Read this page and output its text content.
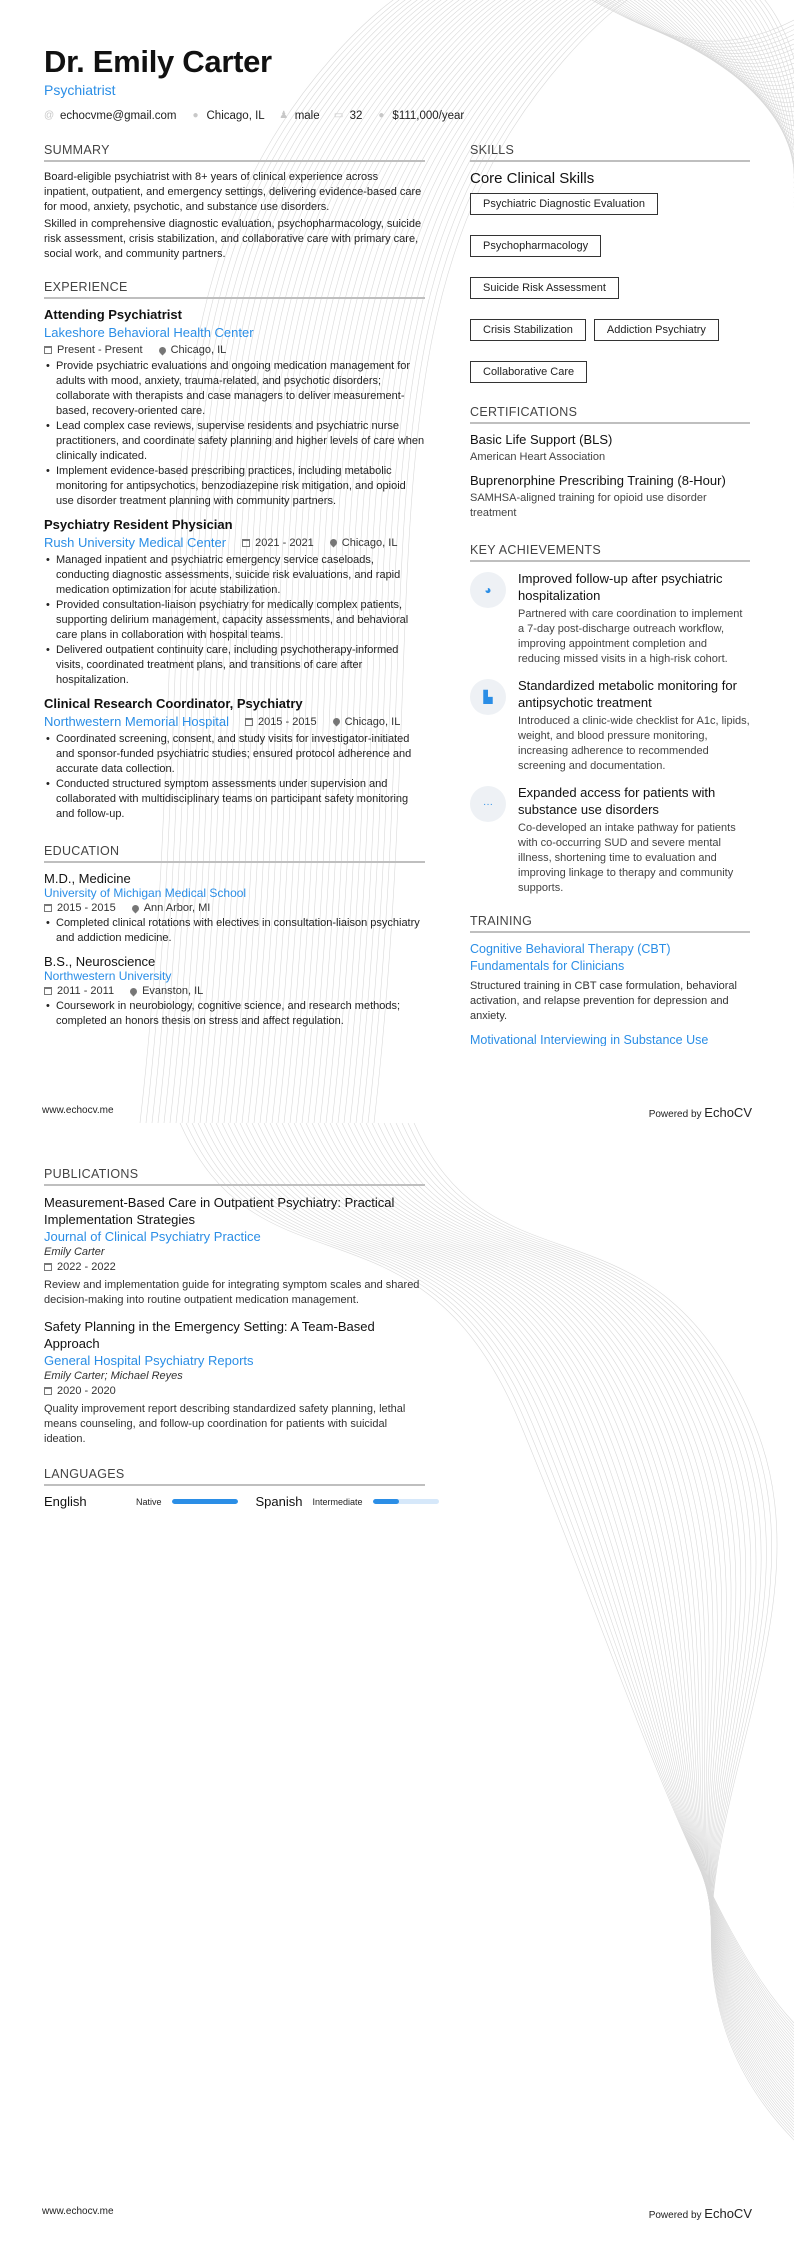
Dr. Emily Carter
Psychiatrist
@ echocvme@gmail.com ● Chicago, IL ♟ male ▭ 32 ● $111,000/year
SUMMARY

Board-eligible psychiatrist with 8+ years of clinical experience across inpatient, outpatient, and emergency settings, delivering evidence-based care for mood, anxiety, psychotic, and substance use disorders.

Skilled in comprehensive diagnostic evaluation, psychopharmacology, suicide risk assessment, crisis stabilization, and collaborative care with primary care, social work, and community partners.

EXPERIENCE
Attending Psychiatrist
Lakeshore Behavioral Health Center
Present - Present	Chicago, IL
• Provide psychiatric evaluations and ongoing medication management for adults with mood, anxiety, trauma-related, and psychotic disorders; collaborate with therapists and case managers to deliver measurement-based, recovery-oriented care.
• Lead complex case reviews, supervise residents and psychiatric nurse practitioners, and coordinate safety planning and higher levels of care when clinically indicated.
• Implement evidence-based prescribing practices, including metabolic monitoring for antipsychotics, benzodiazepine risk mitigation, and opioid use disorder treatment planning with community partners.
Psychiatry Resident Physician
Rush University Medical Center	2021 - 2021	Chicago, IL
• Managed inpatient and psychiatric emergency service caseloads, conducting diagnostic assessments, suicide risk evaluations, and rapid medication optimization for acute stabilization.
• Provided consultation-liaison psychiatry for medically complex patients, supporting delirium management, capacity assessments, and behavioral care plans in collaboration with hospital teams.
• Delivered outpatient continuity care, including psychotherapy-informed visits, coordinated treatment plans, and transitions of care after hospitalization.
Clinical Research Coordinator, Psychiatry
Northwestern Memorial Hospital	2015 - 2015	Chicago, IL
• Coordinated screening, consent, and study visits for investigator-initiated and sponsor-funded psychiatric studies; ensured protocol adherence and accurate data collection.
• Conducted structured symptom assessments under supervision and collaborated with multidisciplinary teams on participant safety monitoring and follow-up.
EDUCATION
M.D., Medicine
University of Michigan Medical School
2015 - 2015	Ann Arbor, MI
• Completed clinical rotations with electives in consultation-liaison psychiatry and addiction medicine.
B.S., Neuroscience
Northwestern University
2011 - 2011	Evanston, IL
• Coursework in neurobiology, cognitive science, and research methods; completed an honors thesis on stress and affect regulation.
SKILLS
Core Clinical Skills
Psychiatric Diagnostic Evaluation
Psychopharmacology
Suicide Risk Assessment
Crisis Stabilization	Addiction Psychiatry
Collaborative Care
CERTIFICATIONS
Basic Life Support (BLS)
American Heart Association
Buprenorphine Prescribing Training (8-Hour)
SAMHSA-aligned training for opioid use disorder treatment
KEY ACHIEVEMENTS
◕
Improved follow-up after psychiatric hospitalization
Partnered with care coordination to implement a 7-day post-discharge outreach workflow, improving appointment completion and reducing missed visits in a high-risk cohort.
▙
Standardized metabolic monitoring for antipsychotic treatment
Introduced a clinic-wide checklist for A1c, lipids, weight, and blood pressure monitoring, increasing adherence to recommended screening and documentation.
···
Expanded access for patients with substance use disorders
Co-developed an intake pathway for patients with co-occurring SUD and severe mental illness, shortening time to evaluation and improving linkage to therapy and community supports.
TRAINING
Cognitive Behavioral Therapy (CBT) Fundamentals for Clinicians
Structured training in CBT case formulation, behavioral activation, and relapse prevention for depression and anxiety.
Motivational Interviewing in Substance Use
www.echocv.me	Powered by EchoCV
PUBLICATIONS
Measurement-Based Care in Outpatient Psychiatry: Practical Implementation Strategies
Journal of Clinical Psychiatry Practice
Emily Carter
2022 - 2022
Review and implementation guide for integrating symptom scales and shared decision-making into routine outpatient medication management.
Safety Planning in the Emergency Setting: A Team-Based Approach
General Hospital Psychiatry Reports
Emily Carter; Michael Reyes
2020 - 2020
Quality improvement report describing standardized safety planning, lethal means counseling, and follow-up coordination for patients with suicidal ideation.
LANGUAGES
English	Native	Spanish Intermediate
www.echocv.me	Powered by EchoCV
